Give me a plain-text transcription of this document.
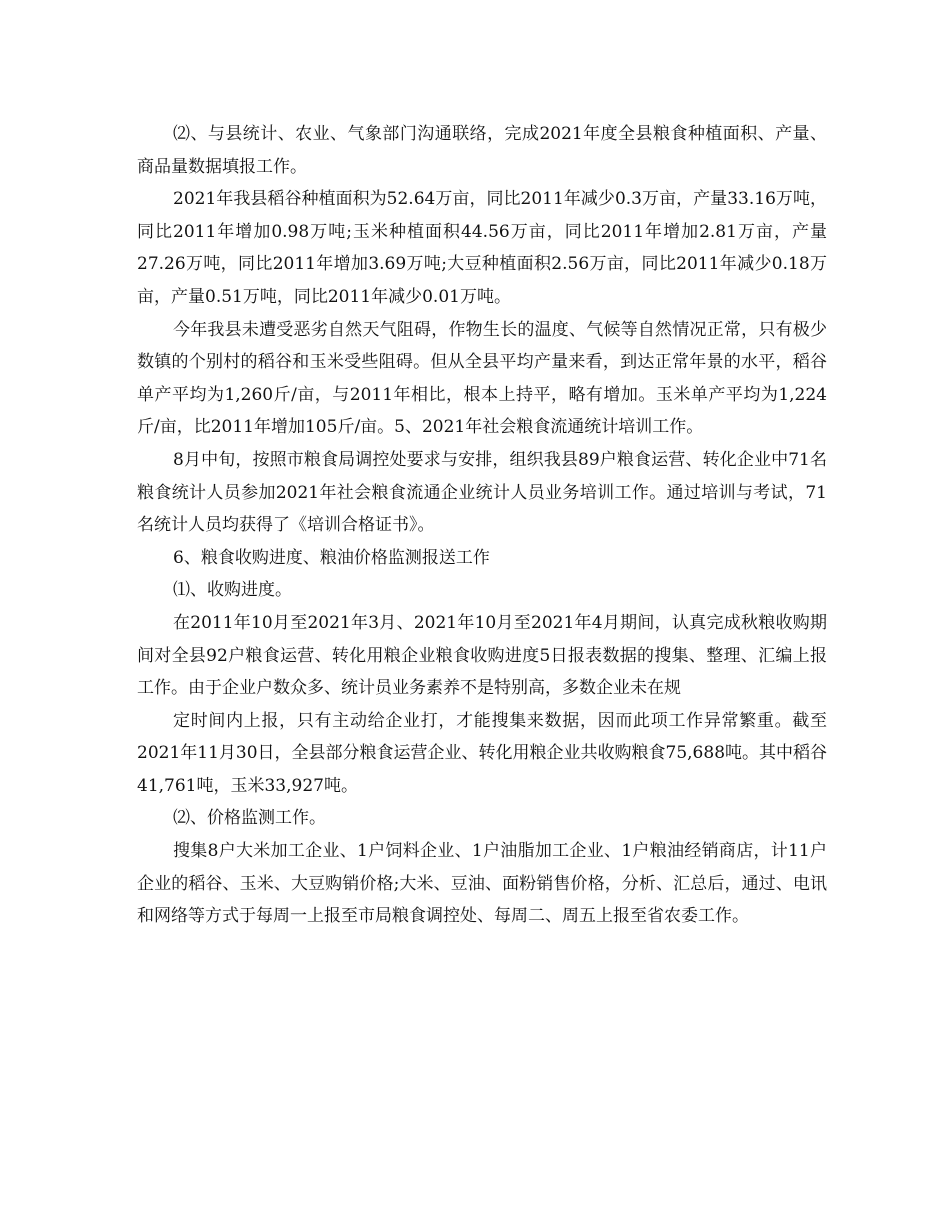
⑵、与县统计、农业、气象部门沟通联络，完成2021年度全县粮食种植面积、产量、商品量数据填报工作。

2021年我县稻谷种植面积为52.64万亩，同比2011年减少0.3万亩，产量33.16万吨，同比2011年增加0.98万吨;玉米种植面积44.56万亩，同比2011年增加2.81万亩，产量27.26万吨，同比2011年增加3.69万吨;大豆种植面积2.56万亩，同比2011年减少0.18万亩，产量0.51万吨，同比2011年减少0.01万吨。

今年我县未遭受恶劣自然天气阻碍，作物生长的温度、气候等自然情况正常，只有极少数镇的个别村的稻谷和玉米受些阻碍。但从全县平均产量来看，到达正常年景的水平，稻谷单产平均为1,260斤/亩，与2011年相比，根本上持平，略有增加。玉米单产平均为1,224斤/亩，比2011年增加105斤/亩。5、2021年社会粮食流通统计培训工作。

8月中旬，按照市粮食局调控处要求与安排，组织我县89户粮食运营、转化企业中71名粮食统计人员参加2021年社会粮食流通企业统计人员业务培训工作。通过培训与考试，71名统计人员均获得了《培训合格证书》。

6、粮食收购进度、粮油价格监测报送工作

⑴、收购进度。

在2011年10月至2021年3月、2021年10月至2021年4月期间，认真完成秋粮收购期间对全县92户粮食运营、转化用粮企业粮食收购进度5日报表数据的搜集、整理、汇编上报工作。由于企业户数众多、统计员业务素养不是特别高，多数企业未在规

定时间内上报，只有主动给企业打，才能搜集来数据，因而此项工作异常繁重。截至2021年11月30日，全县部分粮食运营企业、转化用粮企业共收购粮食75,688吨。其中稻谷41,761吨，玉米33,927吨。

⑵、价格监测工作。

搜集8户大米加工企业、1户饲料企业、1户油脂加工企业、1户粮油经销商店，计11户企业的稻谷、玉米、大豆购销价格;大米、豆油、面粉销售价格，分析、汇总后，通过、电讯和网络等方式于每周一上报至市局粮食调控处、每周二、周五上报至省农委工作。
